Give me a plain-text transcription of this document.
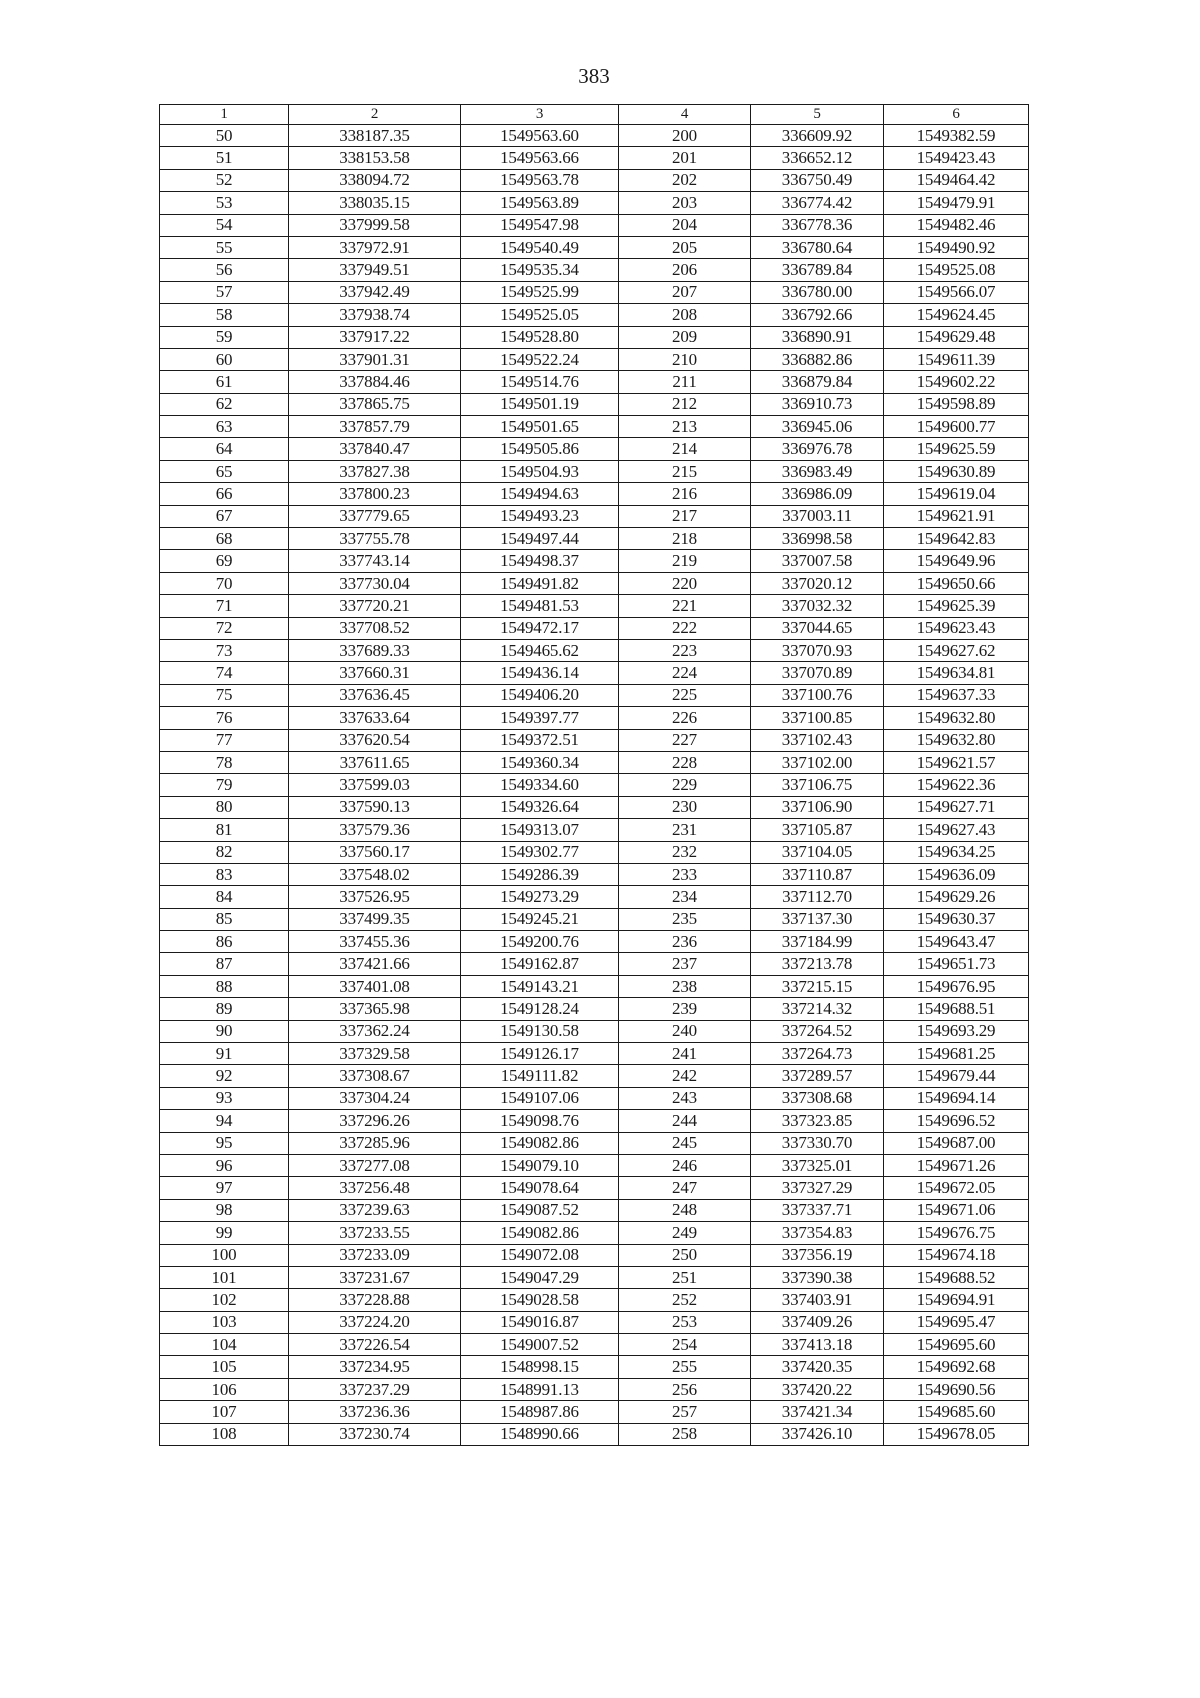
383
1	2	3	4	5	6
50	338187.35	1549563.60	200	336609.92	1549382.59
51	338153.58	1549563.66	201	336652.12	1549423.43
52	338094.72	1549563.78	202	336750.49	1549464.42
53	338035.15	1549563.89	203	336774.42	1549479.91
54	337999.58	1549547.98	204	336778.36	1549482.46
55	337972.91	1549540.49	205	336780.64	1549490.92
56	337949.51	1549535.34	206	336789.84	1549525.08
57	337942.49	1549525.99	207	336780.00	1549566.07
58	337938.74	1549525.05	208	336792.66	1549624.45
59	337917.22	1549528.80	209	336890.91	1549629.48
60	337901.31	1549522.24	210	336882.86	1549611.39
61	337884.46	1549514.76	211	336879.84	1549602.22
62	337865.75	1549501.19	212	336910.73	1549598.89
63	337857.79	1549501.65	213	336945.06	1549600.77
64	337840.47	1549505.86	214	336976.78	1549625.59
65	337827.38	1549504.93	215	336983.49	1549630.89
66	337800.23	1549494.63	216	336986.09	1549619.04
67	337779.65	1549493.23	217	337003.11	1549621.91
68	337755.78	1549497.44	218	336998.58	1549642.83
69	337743.14	1549498.37	219	337007.58	1549649.96
70	337730.04	1549491.82	220	337020.12	1549650.66
71	337720.21	1549481.53	221	337032.32	1549625.39
72	337708.52	1549472.17	222	337044.65	1549623.43
73	337689.33	1549465.62	223	337070.93	1549627.62
74	337660.31	1549436.14	224	337070.89	1549634.81
75	337636.45	1549406.20	225	337100.76	1549637.33
76	337633.64	1549397.77	226	337100.85	1549632.80
77	337620.54	1549372.51	227	337102.43	1549632.80
78	337611.65	1549360.34	228	337102.00	1549621.57
79	337599.03	1549334.60	229	337106.75	1549622.36
80	337590.13	1549326.64	230	337106.90	1549627.71
81	337579.36	1549313.07	231	337105.87	1549627.43
82	337560.17	1549302.77	232	337104.05	1549634.25
83	337548.02	1549286.39	233	337110.87	1549636.09
84	337526.95	1549273.29	234	337112.70	1549629.26
85	337499.35	1549245.21	235	337137.30	1549630.37
86	337455.36	1549200.76	236	337184.99	1549643.47
87	337421.66	1549162.87	237	337213.78	1549651.73
88	337401.08	1549143.21	238	337215.15	1549676.95
89	337365.98	1549128.24	239	337214.32	1549688.51
90	337362.24	1549130.58	240	337264.52	1549693.29
91	337329.58	1549126.17	241	337264.73	1549681.25
92	337308.67	1549111.82	242	337289.57	1549679.44
93	337304.24	1549107.06	243	337308.68	1549694.14
94	337296.26	1549098.76	244	337323.85	1549696.52
95	337285.96	1549082.86	245	337330.70	1549687.00
96	337277.08	1549079.10	246	337325.01	1549671.26
97	337256.48	1549078.64	247	337327.29	1549672.05
98	337239.63	1549087.52	248	337337.71	1549671.06
99	337233.55	1549082.86	249	337354.83	1549676.75
100	337233.09	1549072.08	250	337356.19	1549674.18
101	337231.67	1549047.29	251	337390.38	1549688.52
102	337228.88	1549028.58	252	337403.91	1549694.91
103	337224.20	1549016.87	253	337409.26	1549695.47
104	337226.54	1549007.52	254	337413.18	1549695.60
105	337234.95	1548998.15	255	337420.35	1549692.68
106	337237.29	1548991.13	256	337420.22	1549690.56
107	337236.36	1548987.86	257	337421.34	1549685.60
108	337230.74	1548990.66	258	337426.10	1549678.05
